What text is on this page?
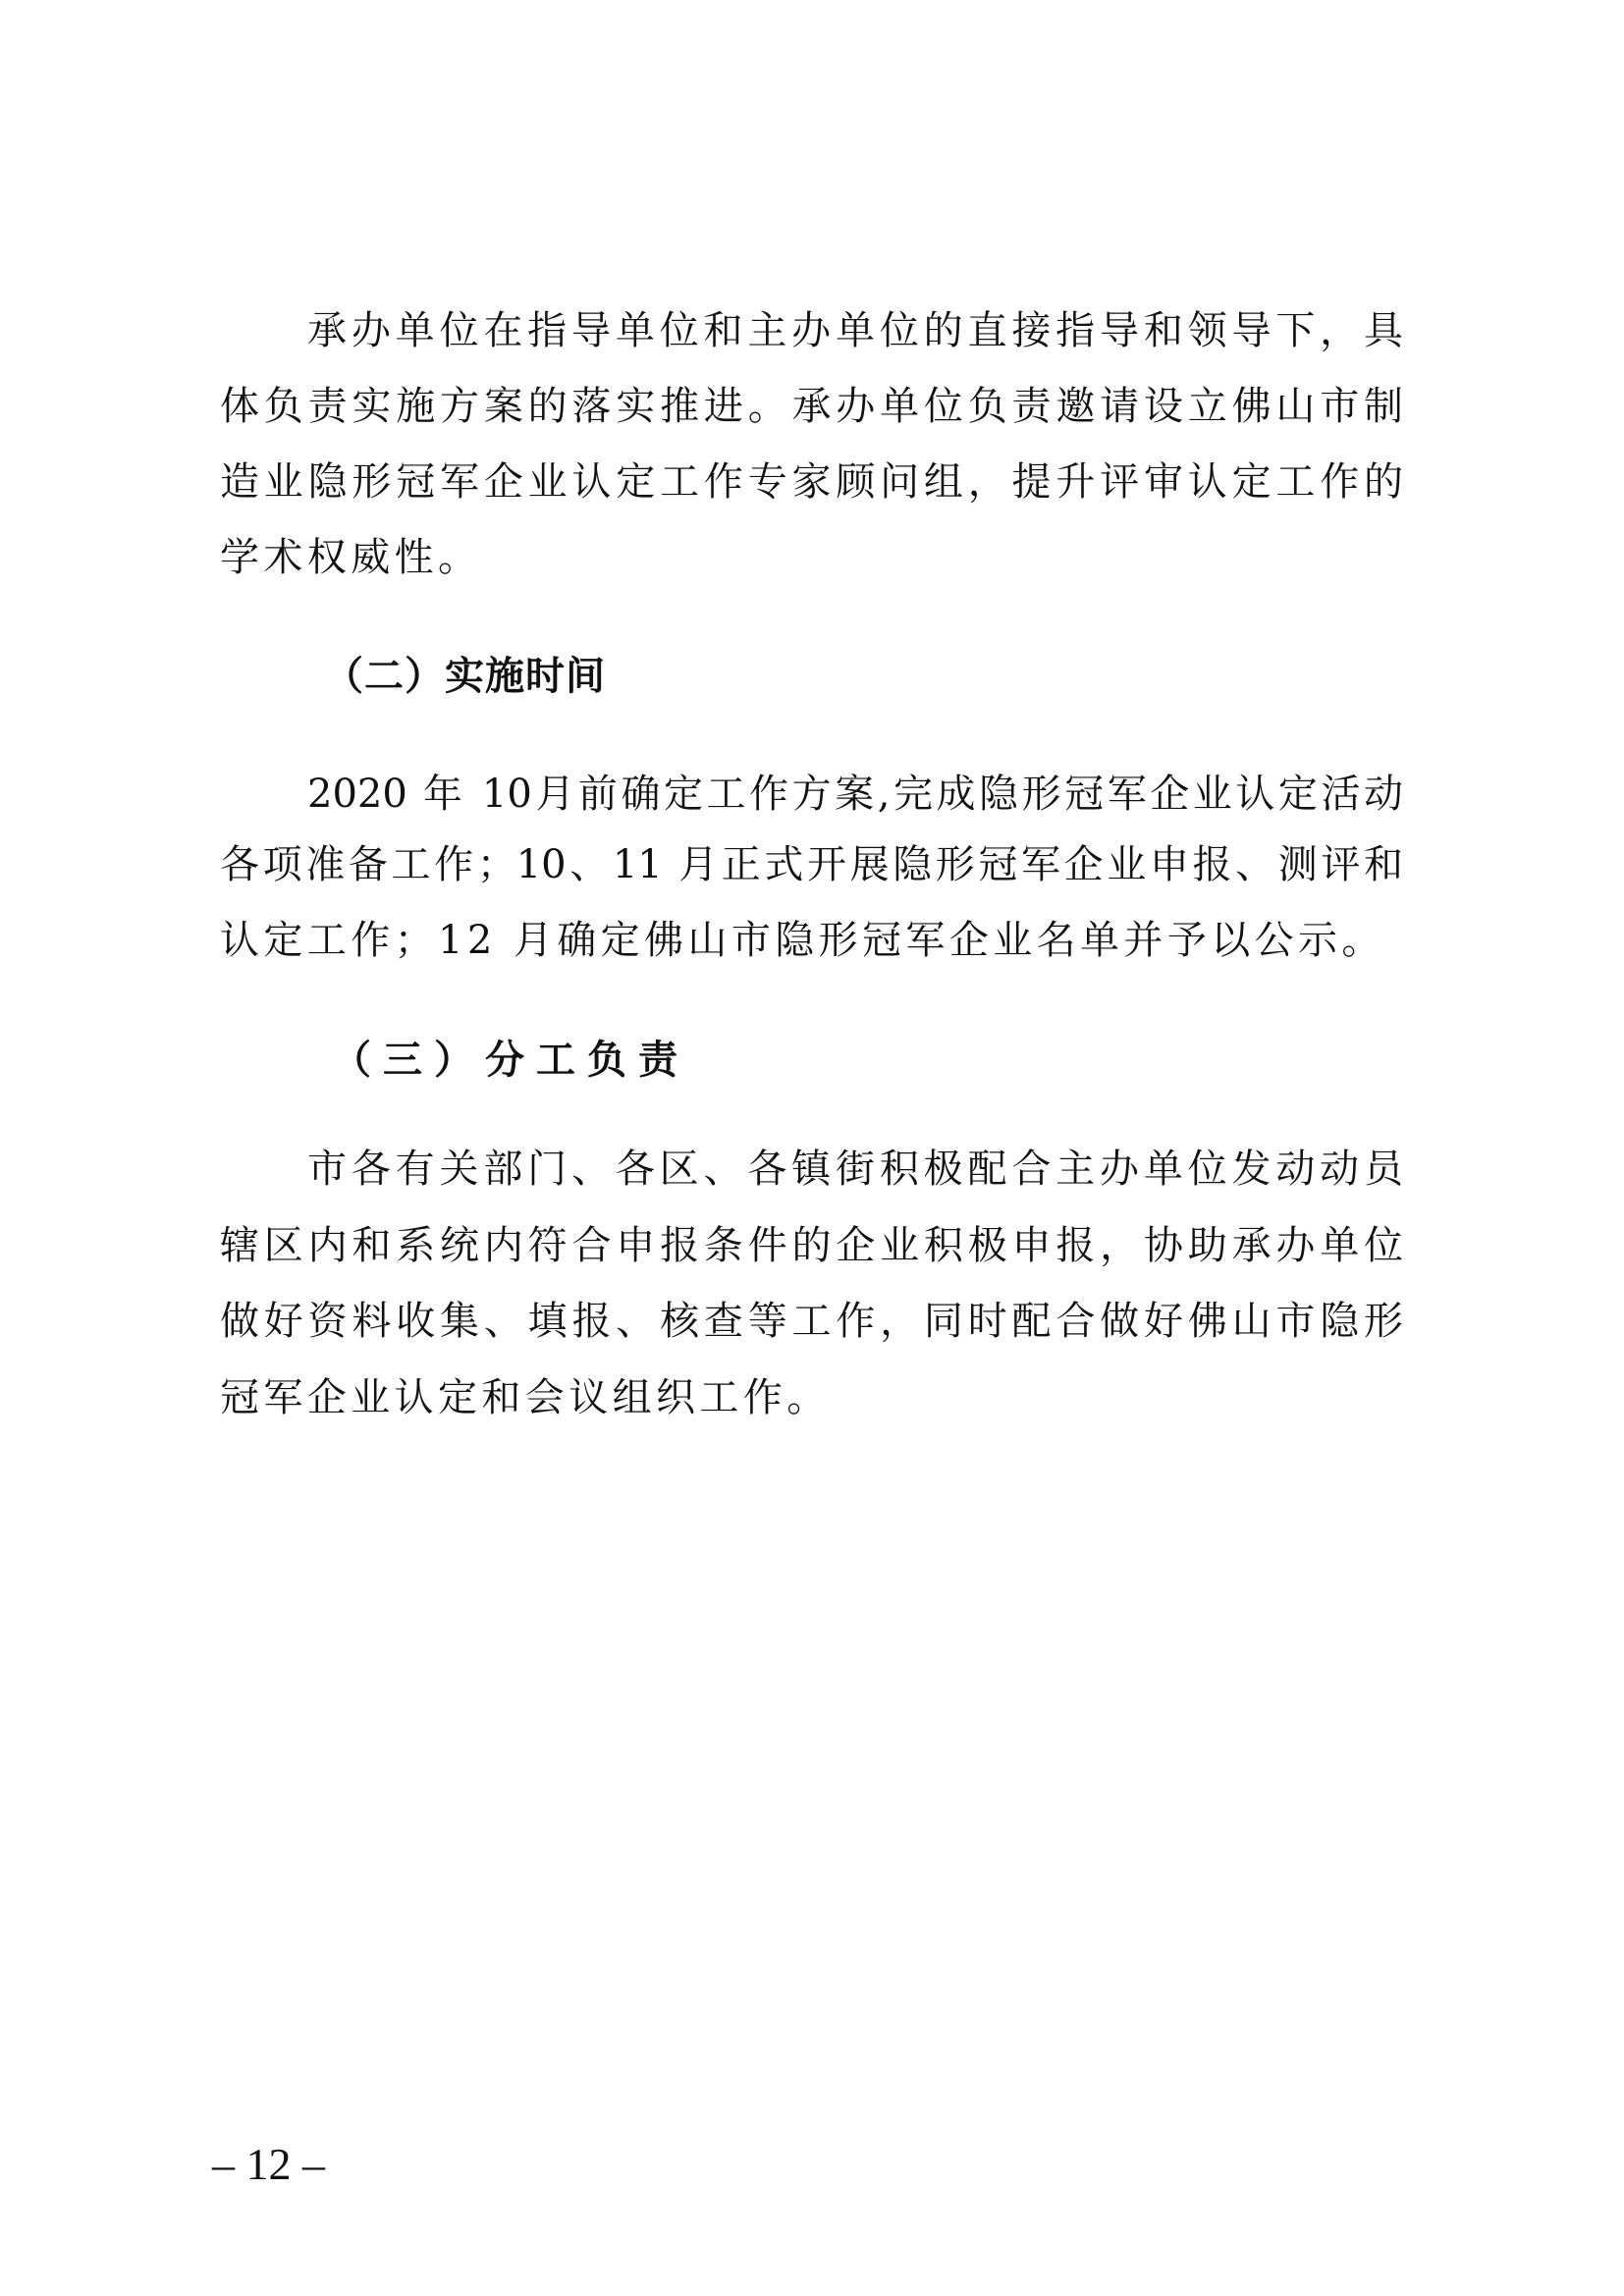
承办单位在指导单位和主办单位的直接指导和领导下，具
体负责实施方案的落实推进。承办单位负责邀请设立佛山市制
造业隐形冠军企业认定工作专家顾问组，提升评审认定工作的
学术权威性。
（二）实施时间
2020 年 10月前确定工作方案,完成隐形冠军企业认定活动
各项准备工作；10、11 月正式开展隐形冠军企业申报、测评和
认定工作；12 月确定佛山市隐形冠军企业名单并予以公示。
（三）分工负责
市各有关部门、各区、各镇街积极配合主办单位发动动员
辖区内和系统内符合申报条件的企业积极申报，协助承办单位
做好资料收集、填报、核查等工作，同时配合做好佛山市隐形
冠军企业认定和会议组织工作。
– 12 –
